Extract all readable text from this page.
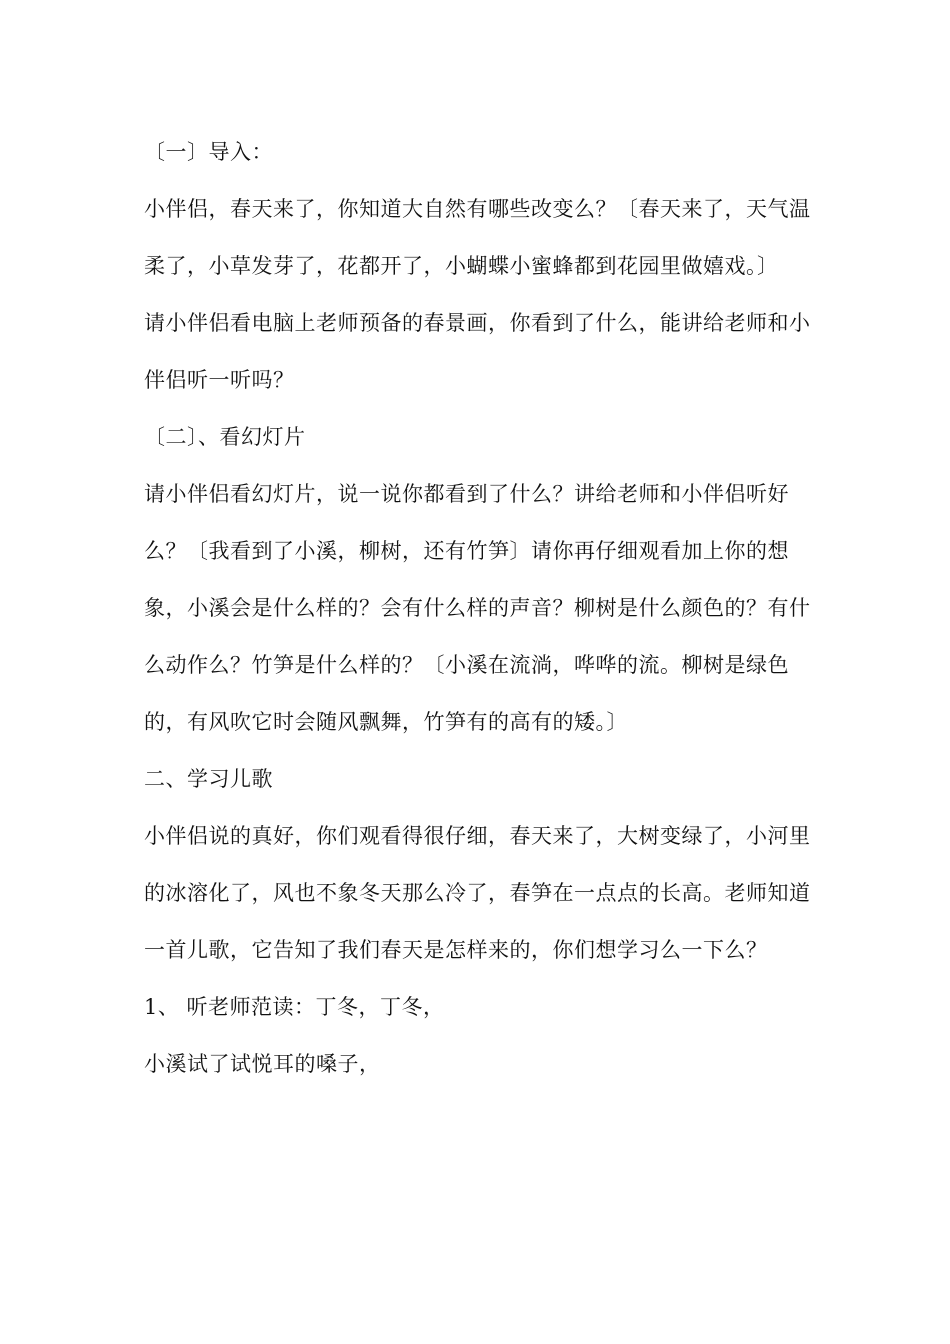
〔一〕导入：

小伴侣，春天来了，你知道大自然有哪些改变么？〔春天来了，天气温柔了，小草发芽了，花都开了，小蝴蝶小蜜蜂都到花园里做嬉戏。〕

请小伴侣看电脑上老师预备的春景画，你看到了什么，能讲给老师和小伴侣听一听吗？

〔二〕、看幻灯片

请小伴侣看幻灯片，说一说你都看到了什么？讲给老师和小伴侣听好么？〔我看到了小溪，柳树，还有竹笋〕请你再仔细观看加上你的想象，小溪会是什么样的？会有什么样的声音？柳树是什么颜色的？有什么动作么？竹笋是什么样的？〔小溪在流淌，哗哗的流。柳树是绿色的，有风吹它时会随风飘舞，竹笋有的高有的矮。〕

二、学习儿歌

小伴侣说的真好，你们观看得很仔细，春天来了，大树变绿了，小河里的冰溶化了，风也不象冬天那么冷了，春笋在一点点的长高。老师知道一首儿歌，它告知了我们春天是怎样来的，你们想学习么一下么？

1、 听老师范读：丁冬，丁冬，

小溪试了试悦耳的嗓子，
